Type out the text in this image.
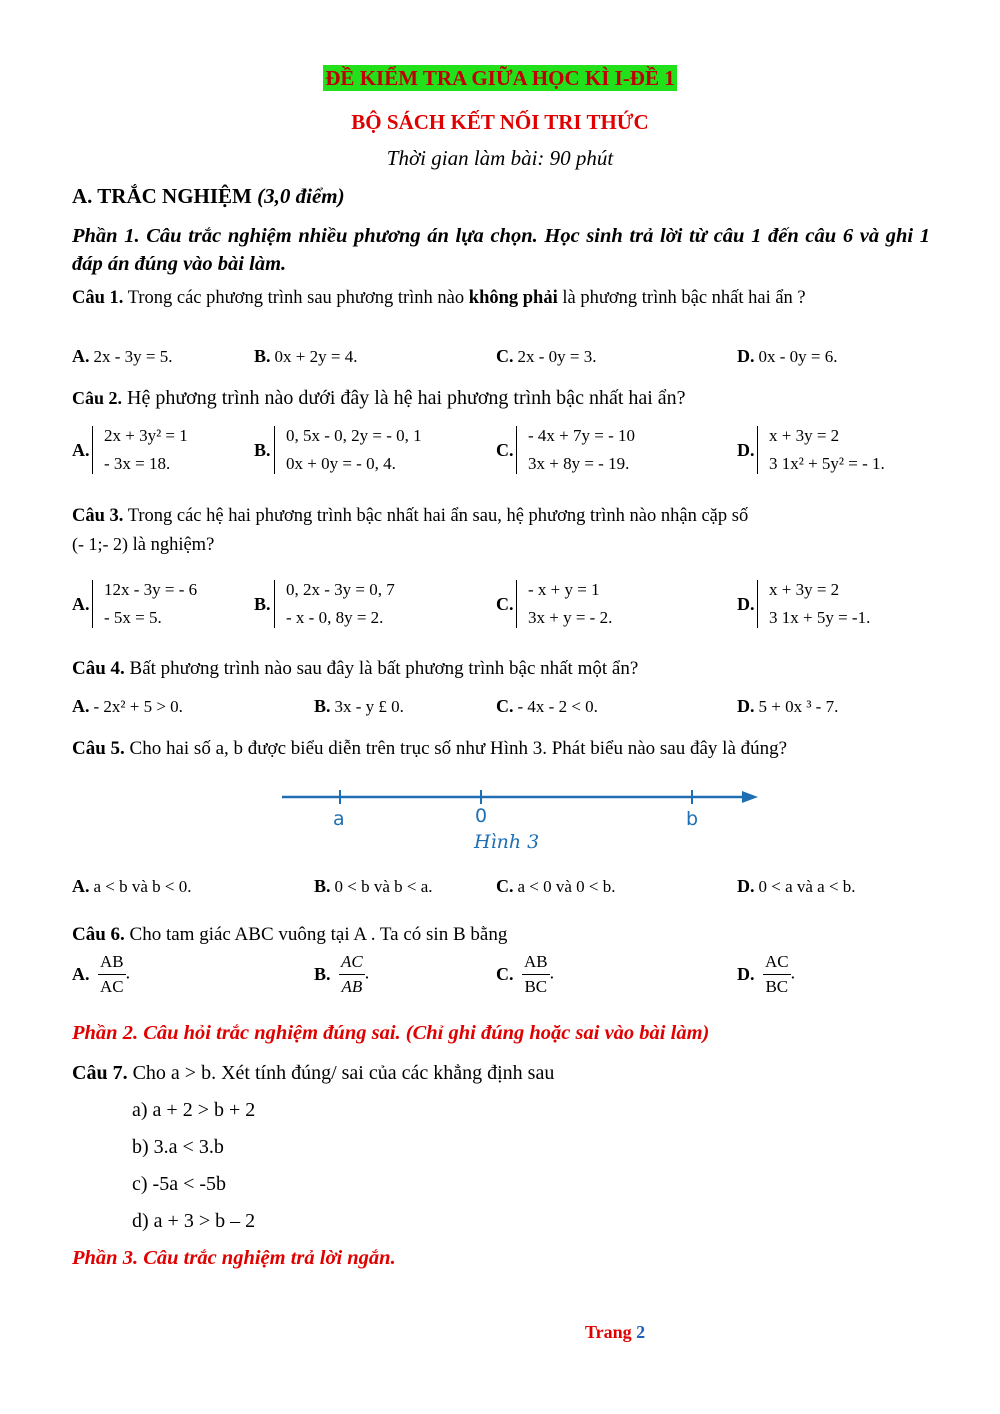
ĐỀ KIỂM TRA GIỮA HỌC KÌ I-ĐỀ 1
BỘ SÁCH KẾT NỐI TRI THỨC
Thời gian làm bài: 90 phút
A. TRẮC NGHIỆM (3,0 điểm)
Phần 1. Câu trắc nghiệm nhiều phương án lựa chọn. Học sinh trả lời từ câu 1 đến câu 6 và ghi 1 đáp án đúng vào bài làm.
Câu 1. Trong các phương trình sau phương trình nào không phải là phương trình bậc nhất hai ẩn ?
A. 2x - 3y = 5.	B. 0x + 2y = 4.	C. 2x - 0y = 3.	D. 0x - 0y = 6.
Câu 2. Hệ phương trình nào dưới đây là hệ hai phương trình bậc nhất hai ẩn?
A.
2x + 3y² = 1
- 3x = 18.
B.
0, 5x - 0, 2y = - 0, 1
0x + 0y = - 0, 4.
C.
- 4x + 7y = - 10
3x + 8y = - 19.
D.
x + 3y = 2
3 1x² + 5y² = - 1.
Câu 3. Trong các hệ hai phương trình bậc nhất hai ẩn sau, hệ phương trình nào nhận cặp số
(- 1;- 2) là nghiệm?
A.
12x - 3y = - 6
- 5x = 5.
B.
0, 2x - 3y = 0, 7
- x - 0, 8y = 2.
C.
- x + y = 1
3x + y = - 2.
D.
x + 3y = 2
3 1x + 5y = -1.
Câu 4. Bất phương trình nào sau đây là bất phương trình bậc nhất một ẩn?
A. - 2x² + 5 > 0.	B. 3x - y £ 0.	C. - 4x - 2 < 0.	D. 5 + 0x ³ - 7.
Câu 5. Cho hai số a, b được biểu diễn trên trục số như Hình 3. Phát biểu nào sau đây là đúng?
a	0	b
Hình 3
A. a < b và b < 0.	B. 0 < b và b < a.	C. a < 0 và 0 < b.	D. 0 < a và a < b.
Câu 6. Cho tam giác ABC vuông tại A . Ta có sin B bằng
A. $\frac{AB}{AC}$ .	B. $\frac{AC}{AB}$ .	C. $\frac{AB}{BC}$ .	D. $\frac{AC}{BC}$ .
Phần 2. Câu hỏi trắc nghiệm đúng sai. (Chỉ ghi đúng hoặc sai vào bài làm)
Câu 7. Cho a > b. Xét tính đúng/ sai của các khẳng định sau
a) a + 2 > b + 2
b) 3.a < 3.b
c) -5a < -5b
d) a + 3 > b – 2
Phần 3. Câu trắc nghiệm trả lời ngắn.
Trang 2
